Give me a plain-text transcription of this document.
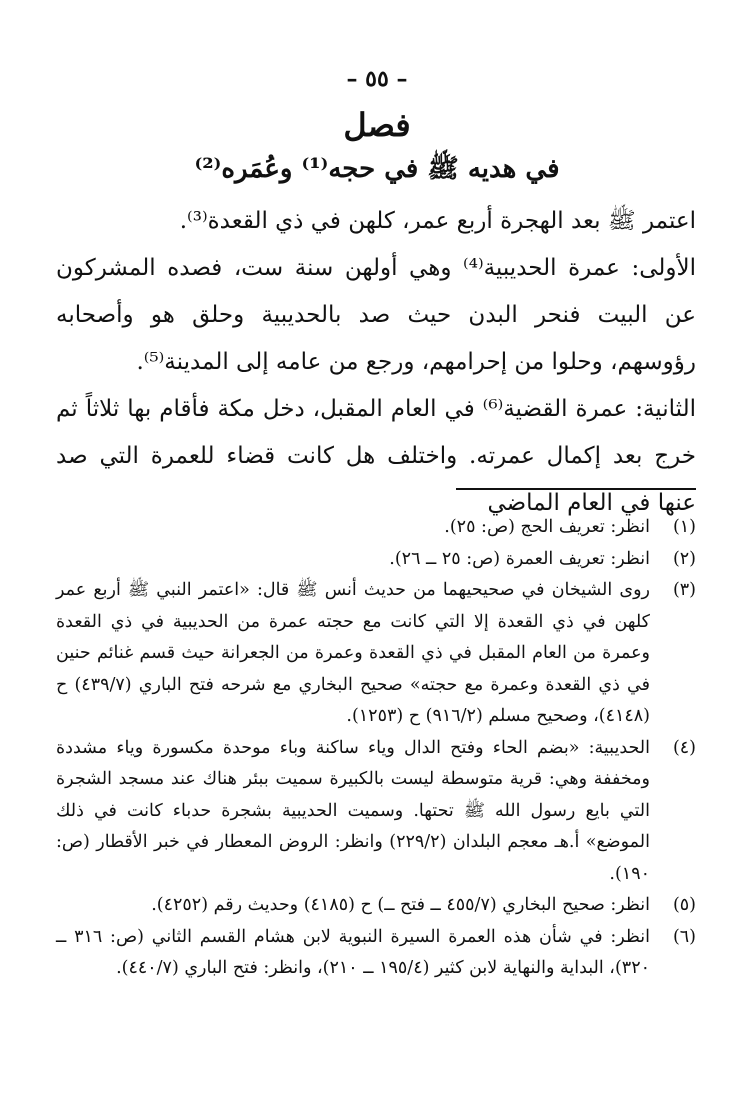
– ٥٥ –
فصل
في هديه ﷺ في حجه⁽¹⁾ وعُمَره⁽²⁾

اعتمر ﷺ بعد الهجرة أربع عمر، كلهن في ذي القعدة⁽³⁾.

الأولى: عمرة الحديبية⁽⁴⁾ وهي أولهن سنة ست، فصده المشركون عن البيت فنحر البدن حيث صد بالحديبية وحلق هو وأصحابه رؤوسهم، وحلوا من إحرامهم، ورجع من عامه إلى المدينة⁽⁵⁾.

الثانية: عمرة القضية⁽⁶⁾ في العام المقبل، دخل مكة فأقام بها ثلاثاً ثم خرج بعد إكمال عمرته. واختلف هل كانت قضاء للعمرة التي صد عنها في العام الماضي

(١)
انظر: تعريف الحج (ص: ٢٥).
(٢)
انظر: تعريف العمرة (ص: ٢٥ ــ ٢٦).
(٣)
روى الشيخان في صحيحيهما من حديث أنس ﷺ قال: «اعتمر النبي ﷺ أربع عمر كلهن في ذي القعدة إلا التي كانت مع حجته عمرة من الحديبية في ذي القعدة وعمرة من العام المقبل في ذي القعدة وعمرة من الجعرانة حيث قسم غنائم حنين في ذي القعدة وعمرة مع حجته» صحيح البخاري مع شرحه فتح الباري (٤٣٩/٧) ح (٤١٤٨)، وصحيح مسلم (٩١٦/٢) ح (١٢٥٣).
(٤)
الحديبية: «بضم الحاء وفتح الدال وياء ساكنة وباء موحدة مكسورة وياء مشددة ومخففة وهي: قرية متوسطة ليست بالكبيرة سميت ببئر هناك عند مسجد الشجرة التي بايع رسول الله ﷺ تحتها. وسميت الحديبية بشجرة حدباء كانت في ذلك الموضع» أ.هـ معجم البلدان (٢٢٩/٢) وانظر: الروض المعطار في خبر الأقطار (ص: ١٩٠).
(٥)
انظر: صحيح البخاري (٤٥٥/٧ ــ فتح ــ) ح (٤١٨٥) وحديث رقم (٤٢٥٢).
(٦)
انظر: في شأن هذه العمرة السيرة النبوية لابن هشام القسم الثاني (ص: ٣١٦ ــ ٣٢٠)، البداية والنهاية لابن كثير (١٩٥/٤ ــ ٢١٠)، وانظر: فتح الباري (٤٤٠/٧).
